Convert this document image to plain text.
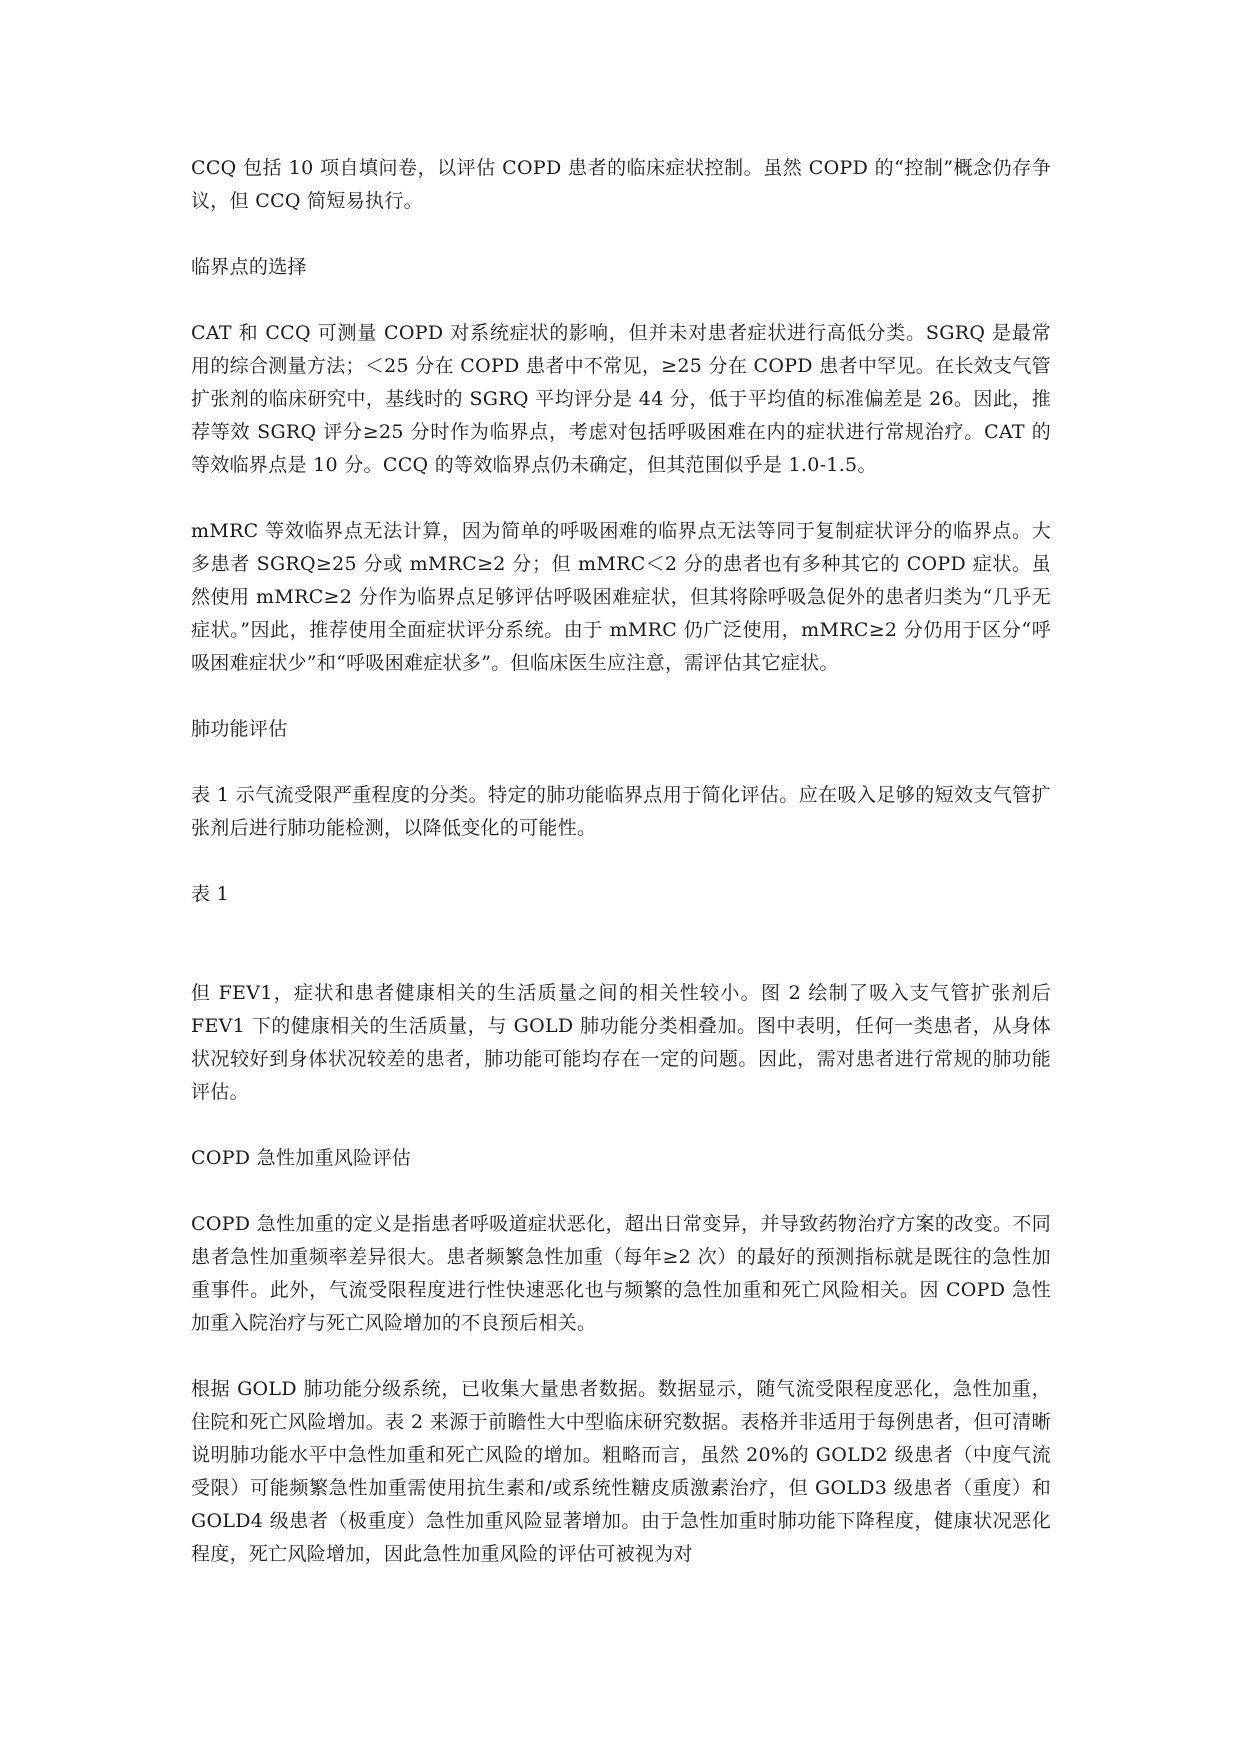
CCQ 包括 10 项自填问卷，以评估 COPD 患者的临床症状控制。虽然 COPD 的“控制”概念仍存争议，但 CCQ 简短易执行。

临界点的选择

CAT 和 CCQ 可测量 COPD 对系统症状的影响，但并未对患者症状进行高低分类。SGRQ 是最常用的综合测量方法；＜25 分在 COPD 患者中不常见，≥25 分在 COPD 患者中罕见。在长效支气管扩张剂的临床研究中，基线时的 SGRQ 平均评分是 44 分，低于平均值的标准偏差是 26。因此，推荐等效 SGRQ 评分≥25 分时作为临界点，考虑对包括呼吸困难在内的症状进行常规治疗。CAT 的等效临界点是 10 分。CCQ 的等效临界点仍未确定，但其范围似乎是 1.0-1.5。

mMRC 等效临界点无法计算，因为简单的呼吸困难的临界点无法等同于复制症状评分的临界点。大多患者 SGRQ≥25 分或 mMRC≥2 分；但 mMRC＜2 分的患者也有多种其它的 COPD 症状。虽然使用 mMRC≥2 分作为临界点足够评估呼吸困难症状，但其将除呼吸急促外的患者归类为“几乎无症状。”因此，推荐使用全面症状评分系统。由于 mMRC 仍广泛使用，mMRC≥2 分仍用于区分“呼吸困难症状少”和“呼吸困难症状多”。但临床医生应注意，需评估其它症状。

肺功能评估

表 1 示气流受限严重程度的分类。特定的肺功能临界点用于简化评估。应在吸入足够的短效支气管扩张剂后进行肺功能检测，以降低变化的可能性。

表 1

但 FEV1，症状和患者健康相关的生活质量之间的相关性较小。图 2 绘制了吸入支气管扩张剂后 FEV1 下的健康相关的生活质量，与 GOLD 肺功能分类相叠加。图中表明，任何一类患者，从身体状况较好到身体状况较差的患者，肺功能可能均存在一定的问题。因此，需对患者进行常规的肺功能评估。

COPD 急性加重风险评估

COPD 急性加重的定义是指患者呼吸道症状恶化，超出日常变异，并导致药物治疗方案的改变。不同患者急性加重频率差异很大。患者频繁急性加重（每年≥2 次）的最好的预测指标就是既往的急性加重事件。此外，气流受限程度进行性快速恶化也与频繁的急性加重和死亡风险相关。因 COPD 急性加重入院治疗与死亡风险增加的不良预后相关。

根据 GOLD 肺功能分级系统，已收集大量患者数据。数据显示，随气流受限程度恶化，急性加重，住院和死亡风险增加。表 2 来源于前瞻性大中型临床研究数据。表格并非适用于每例患者，但可清晰说明肺功能水平中急性加重和死亡风险的增加。粗略而言，虽然 20%的 GOLD2 级患者（中度气流受限）可能频繁急性加重需使用抗生素和/或系统性糖皮质激素治疗，但 GOLD3 级患者（重度）和 GOLD4 级患者（极重度）急性加重风险显著增加。由于急性加重时肺功能下降程度，健康状况恶化程度，死亡风险增加，因此急性加重风险的评估可被视为对
